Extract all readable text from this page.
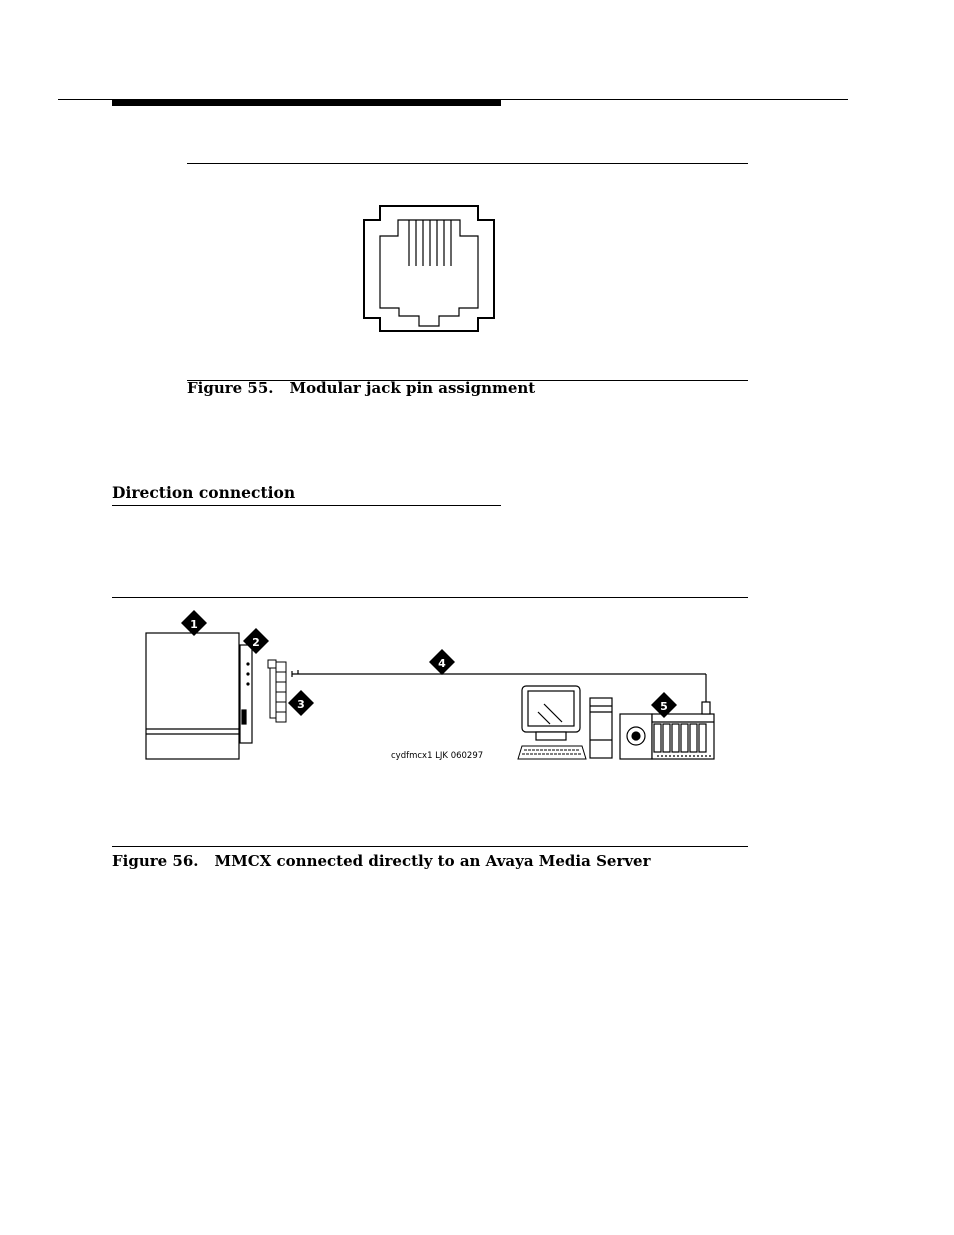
Figure 55. Modular jack pin assignment
Direction connection
1
2
3
4
cydfmcx1 LJK 060297
5
Figure 56. MMCX connected directly to an Avaya Media Server
